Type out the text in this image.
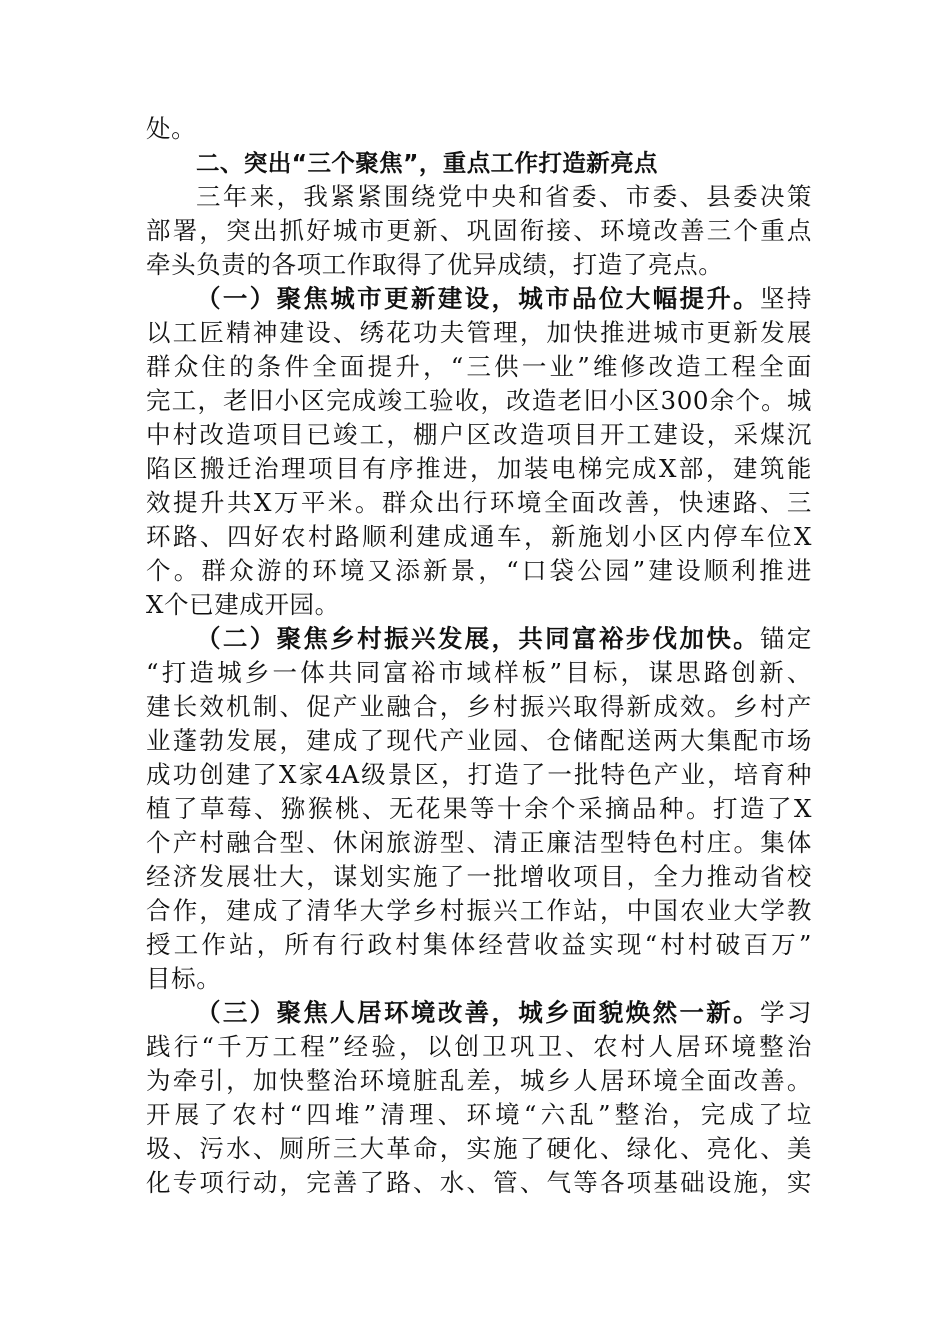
处。
二、突出“三个聚焦”，重点工作打造新亮点
三年来，我紧紧围绕党中央和省委、市委、县委决策
部署，突出抓好城市更新、巩固衔接、环境改善三个重点
牵头负责的各项工作取得了优异成绩，打造了亮点。
（一）聚焦城市更新建设，城市品位大幅提升。坚持
以工匠精神建设、绣花功夫管理，加快推进城市更新发展
群众住的条件全面提升，“三供一业”维修改造工程全面
完工，老旧小区完成竣工验收，改造老旧小区300余个。城
中村改造项目已竣工，棚户区改造项目开工建设，采煤沉
陷区搬迁治理项目有序推进，加装电梯完成X部，建筑能
效提升共X万平米。群众出行环境全面改善，快速路、三
环路、四好农村路顺利建成通车，新施划小区内停车位X
个。群众游的环境又添新景，“口袋公园”建设顺利推进
X个已建成开园。
（二）聚焦乡村振兴发展，共同富裕步伐加快。锚定
“打造城乡一体共同富裕市域样板”目标，谋思路创新、
建长效机制、促产业融合，乡村振兴取得新成效。乡村产
业蓬勃发展，建成了现代产业园、仓储配送两大集配市场
成功创建了X家4A级景区，打造了一批特色产业，培育种
植了草莓、猕猴桃、无花果等十余个采摘品种。打造了X
个产村融合型、休闲旅游型、清正廉洁型特色村庄。集体
经济发展壮大，谋划实施了一批增收项目，全力推动省校
合作，建成了清华大学乡村振兴工作站，中国农业大学教
授工作站，所有行政村集体经营收益实现“村村破百万”
目标。
（三）聚焦人居环境改善，城乡面貌焕然一新。学习
践行“千万工程”经验，以创卫巩卫、农村人居环境整治
为牵引，加快整治环境脏乱差，城乡人居环境全面改善。
开展了农村“四堆”清理、环境“六乱”整治，完成了垃
圾、污水、厕所三大革命，实施了硬化、绿化、亮化、美
化专项行动，完善了路、水、管、气等各项基础设施，实
